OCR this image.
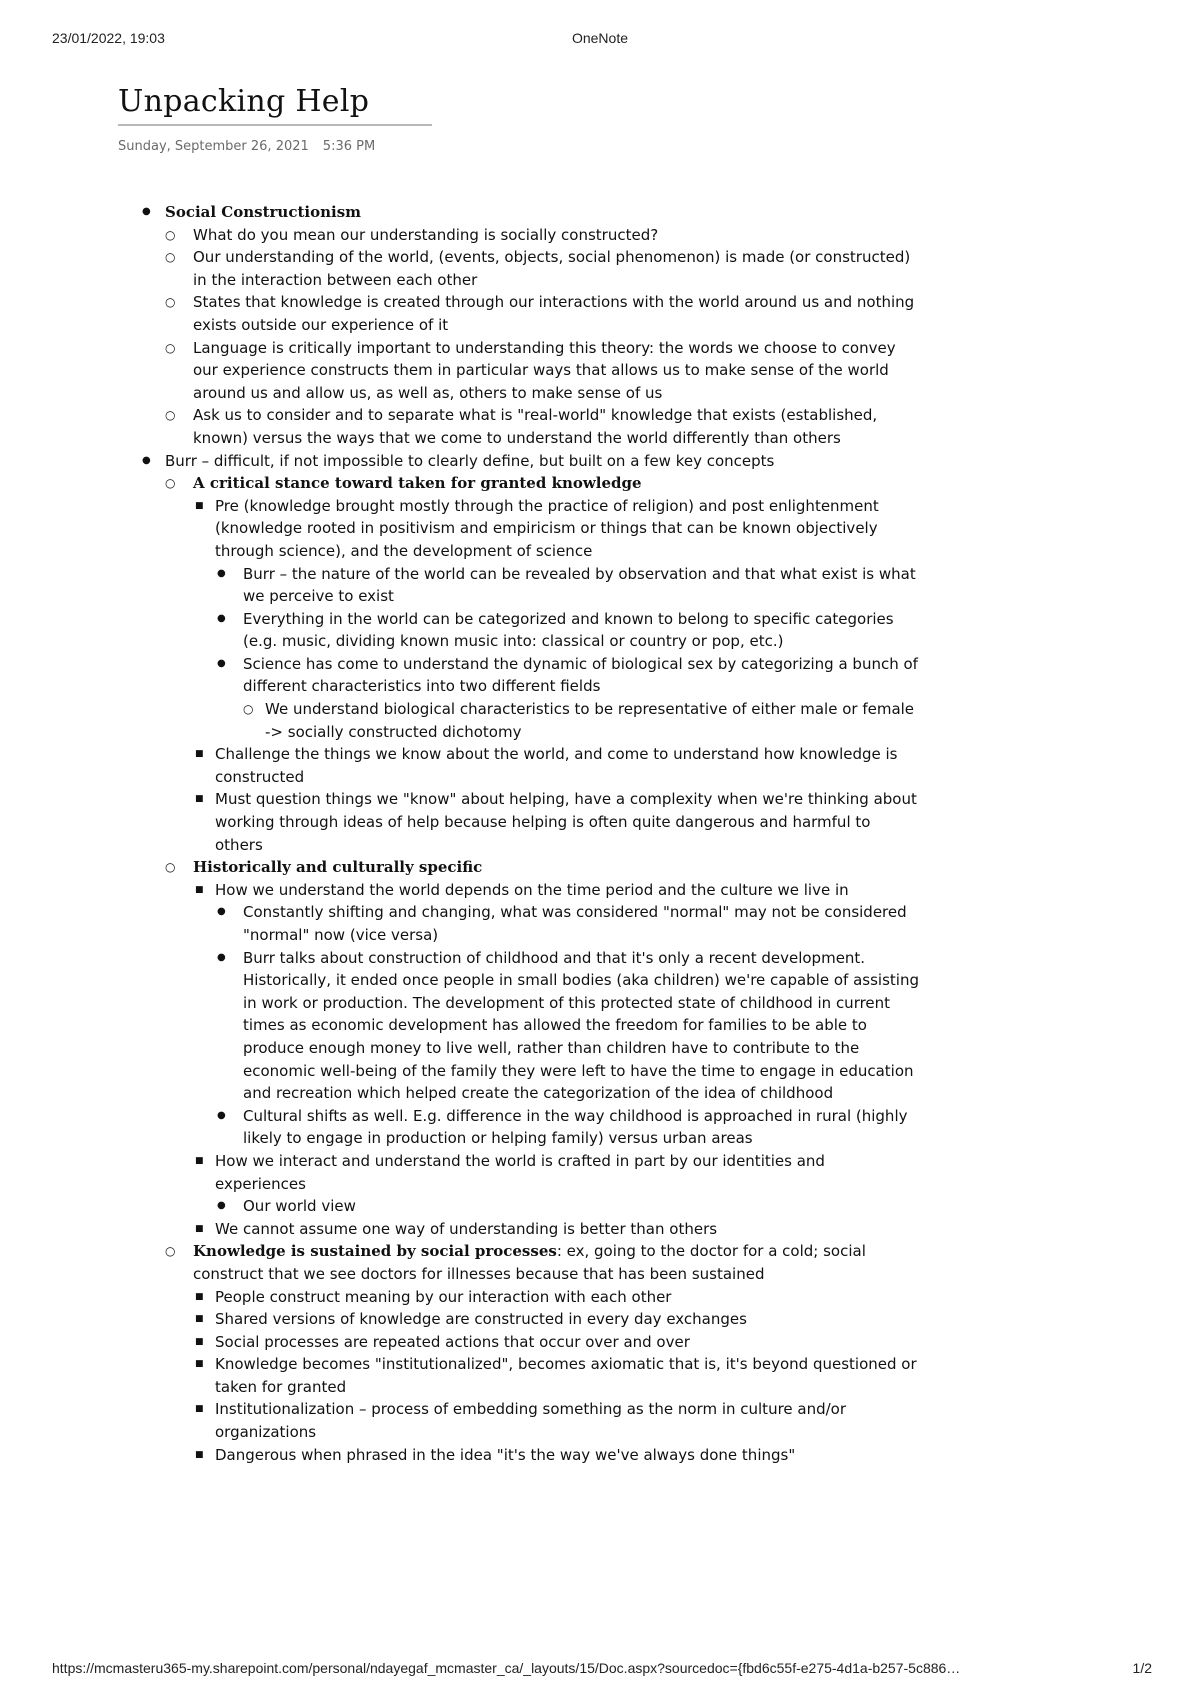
23/01/2022, 19:03	OneNote
Unpacking Help
Sunday, September 26, 2021 5:36 PM
● Social Constructionism
○ What do you mean our understanding is socially constructed?
○ Our understanding of the world, (events, objects, social phenomenon) is made (or constructed) in the interaction between each other
○ States that knowledge is created through our interactions with the world around us and nothing exists outside our experience of it
○ Language is critically important to understanding this theory: the words we choose to convey our experience constructs them in particular ways that allows us to make sense of the world around us and allow us, as well as, others to make sense of us
○ Ask us to consider and to separate what is "real-world" knowledge that exists (established, known) versus the ways that we come to understand the world differently than others
● Burr – difficult, if not impossible to clearly define, but built on a few key concepts
○ A critical stance toward taken for granted knowledge
■ Pre (knowledge brought mostly through the practice of religion) and post enlightenment (knowledge rooted in positivism and empiricism or things that can be known objectively through science), and the development of science
● Burr – the nature of the world can be revealed by observation and that what exist is what we perceive to exist
● Everything in the world can be categorized and known to belong to specific categories (e.g. music, dividing known music into: classical or country or pop, etc.)
● Science has come to understand the dynamic of biological sex by categorizing a bunch of different characteristics into two different fields
○ We understand biological characteristics to be representative of either male or female -> socially constructed dichotomy
■ Challenge the things we know about the world, and come to understand how knowledge is constructed
■ Must question things we "know" about helping, have a complexity when we're thinking about working through ideas of help because helping is often quite dangerous and harmful to others
○ Historically and culturally specific
■ How we understand the world depends on the time period and the culture we live in
● Constantly shifting and changing, what was considered "normal" may not be considered "normal" now (vice versa)
● Burr talks about construction of childhood and that it's only a recent development. Historically, it ended once people in small bodies (aka children) we're capable of assisting in work or production. The development of this protected state of childhood in current times as economic development has allowed the freedom for families to be able to produce enough money to live well, rather than children have to contribute to the economic well-being of the family they were left to have the time to engage in education and recreation which helped create the categorization of the idea of childhood
● Cultural shifts as well. E.g. difference in the way childhood is approached in rural (highly likely to engage in production or helping family) versus urban areas
■ How we interact and understand the world is crafted in part by our identities and experiences
● Our world view
■ We cannot assume one way of understanding is better than others
○ Knowledge is sustained by social processes: ex, going to the doctor for a cold; social construct that we see doctors for illnesses because that has been sustained
■ People construct meaning by our interaction with each other
■ Shared versions of knowledge are constructed in every day exchanges
■ Social processes are repeated actions that occur over and over
■ Knowledge becomes "institutionalized", becomes axiomatic that is, it's beyond questioned or taken for granted
■ Institutionalization – process of embedding something as the norm in culture and/or organizations
■ Dangerous when phrased in the idea "it's the way we've always done things"
https://mcmasteru365-my.sharepoint.com/personal/ndayegaf_mcmaster_ca/_layouts/15/Doc.aspx?sourcedoc={fbd6c55f-e275-4d1a-b257-5c886…	1/2
